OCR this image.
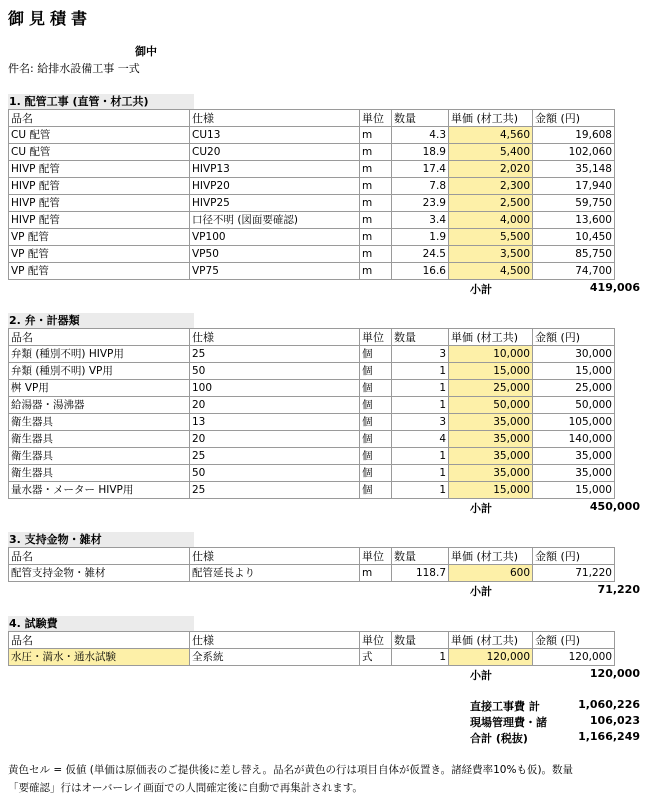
御見積書
御中
件名: 給排水設備工事 一式
1. 配管工事 (直管・材工共)
品名	仕様	単位	数量	単価 (材工共)	金額 (円)
CU 配管	CU13	m	4.3	4,560	19,608
CU 配管	CU20	m	18.9	5,400	102,060
HIVP 配管	HIVP13	m	17.4	2,020	35,148
HIVP 配管	HIVP20	m	7.8	2,300	17,940
HIVP 配管	HIVP25	m	23.9	2,500	59,750
HIVP 配管	口径不明 (図面要確認)	m	3.4	4,000	13,600
VP 配管	VP100	m	1.9	5,500	10,450
VP 配管	VP50	m	24.5	3,500	85,750
VP 配管	VP75	m	16.6	4,500	74,700
小計	419,006
2. 弁・計器類
品名	仕様	単位	数量	単価 (材工共)	金額 (円)
弁類 (種別不明) HIVP用	25	個	3	10,000	30,000
弁類 (種別不明) VP用	50	個	1	15,000	15,000
桝 VP用	100	個	1	25,000	25,000
給湯器・湯沸器	20	個	1	50,000	50,000
衛生器具	13	個	3	35,000	105,000
衛生器具	20	個	4	35,000	140,000
衛生器具	25	個	1	35,000	35,000
衛生器具	50	個	1	35,000	35,000
量水器・メーター HIVP用	25	個	1	15,000	15,000
小計	450,000
3. 支持金物・雑材
品名	仕様	単位	数量	単価 (材工共)	金額 (円)
配管支持金物・雑材	配管延長より	m	118.7	600	71,220
小計	71,220
4. 試験費
品名	仕様	単位	数量	単価 (材工共)	金額 (円)
水圧・満水・通水試験	全系統	式	1	120,000	120,000
小計	120,000
直接工事費 計	1,060,226
現場管理費・諸	106,023
合計 (税抜)	1,166,249
黄色セル = 仮値 (単価は原価表のご提供後に差し替え。品名が黄色の行は項目自体が仮置き。諸経費率10%も仮)。数量
「要確認」行はオーバーレイ画面での人間確定後に自動で再集計されます。
